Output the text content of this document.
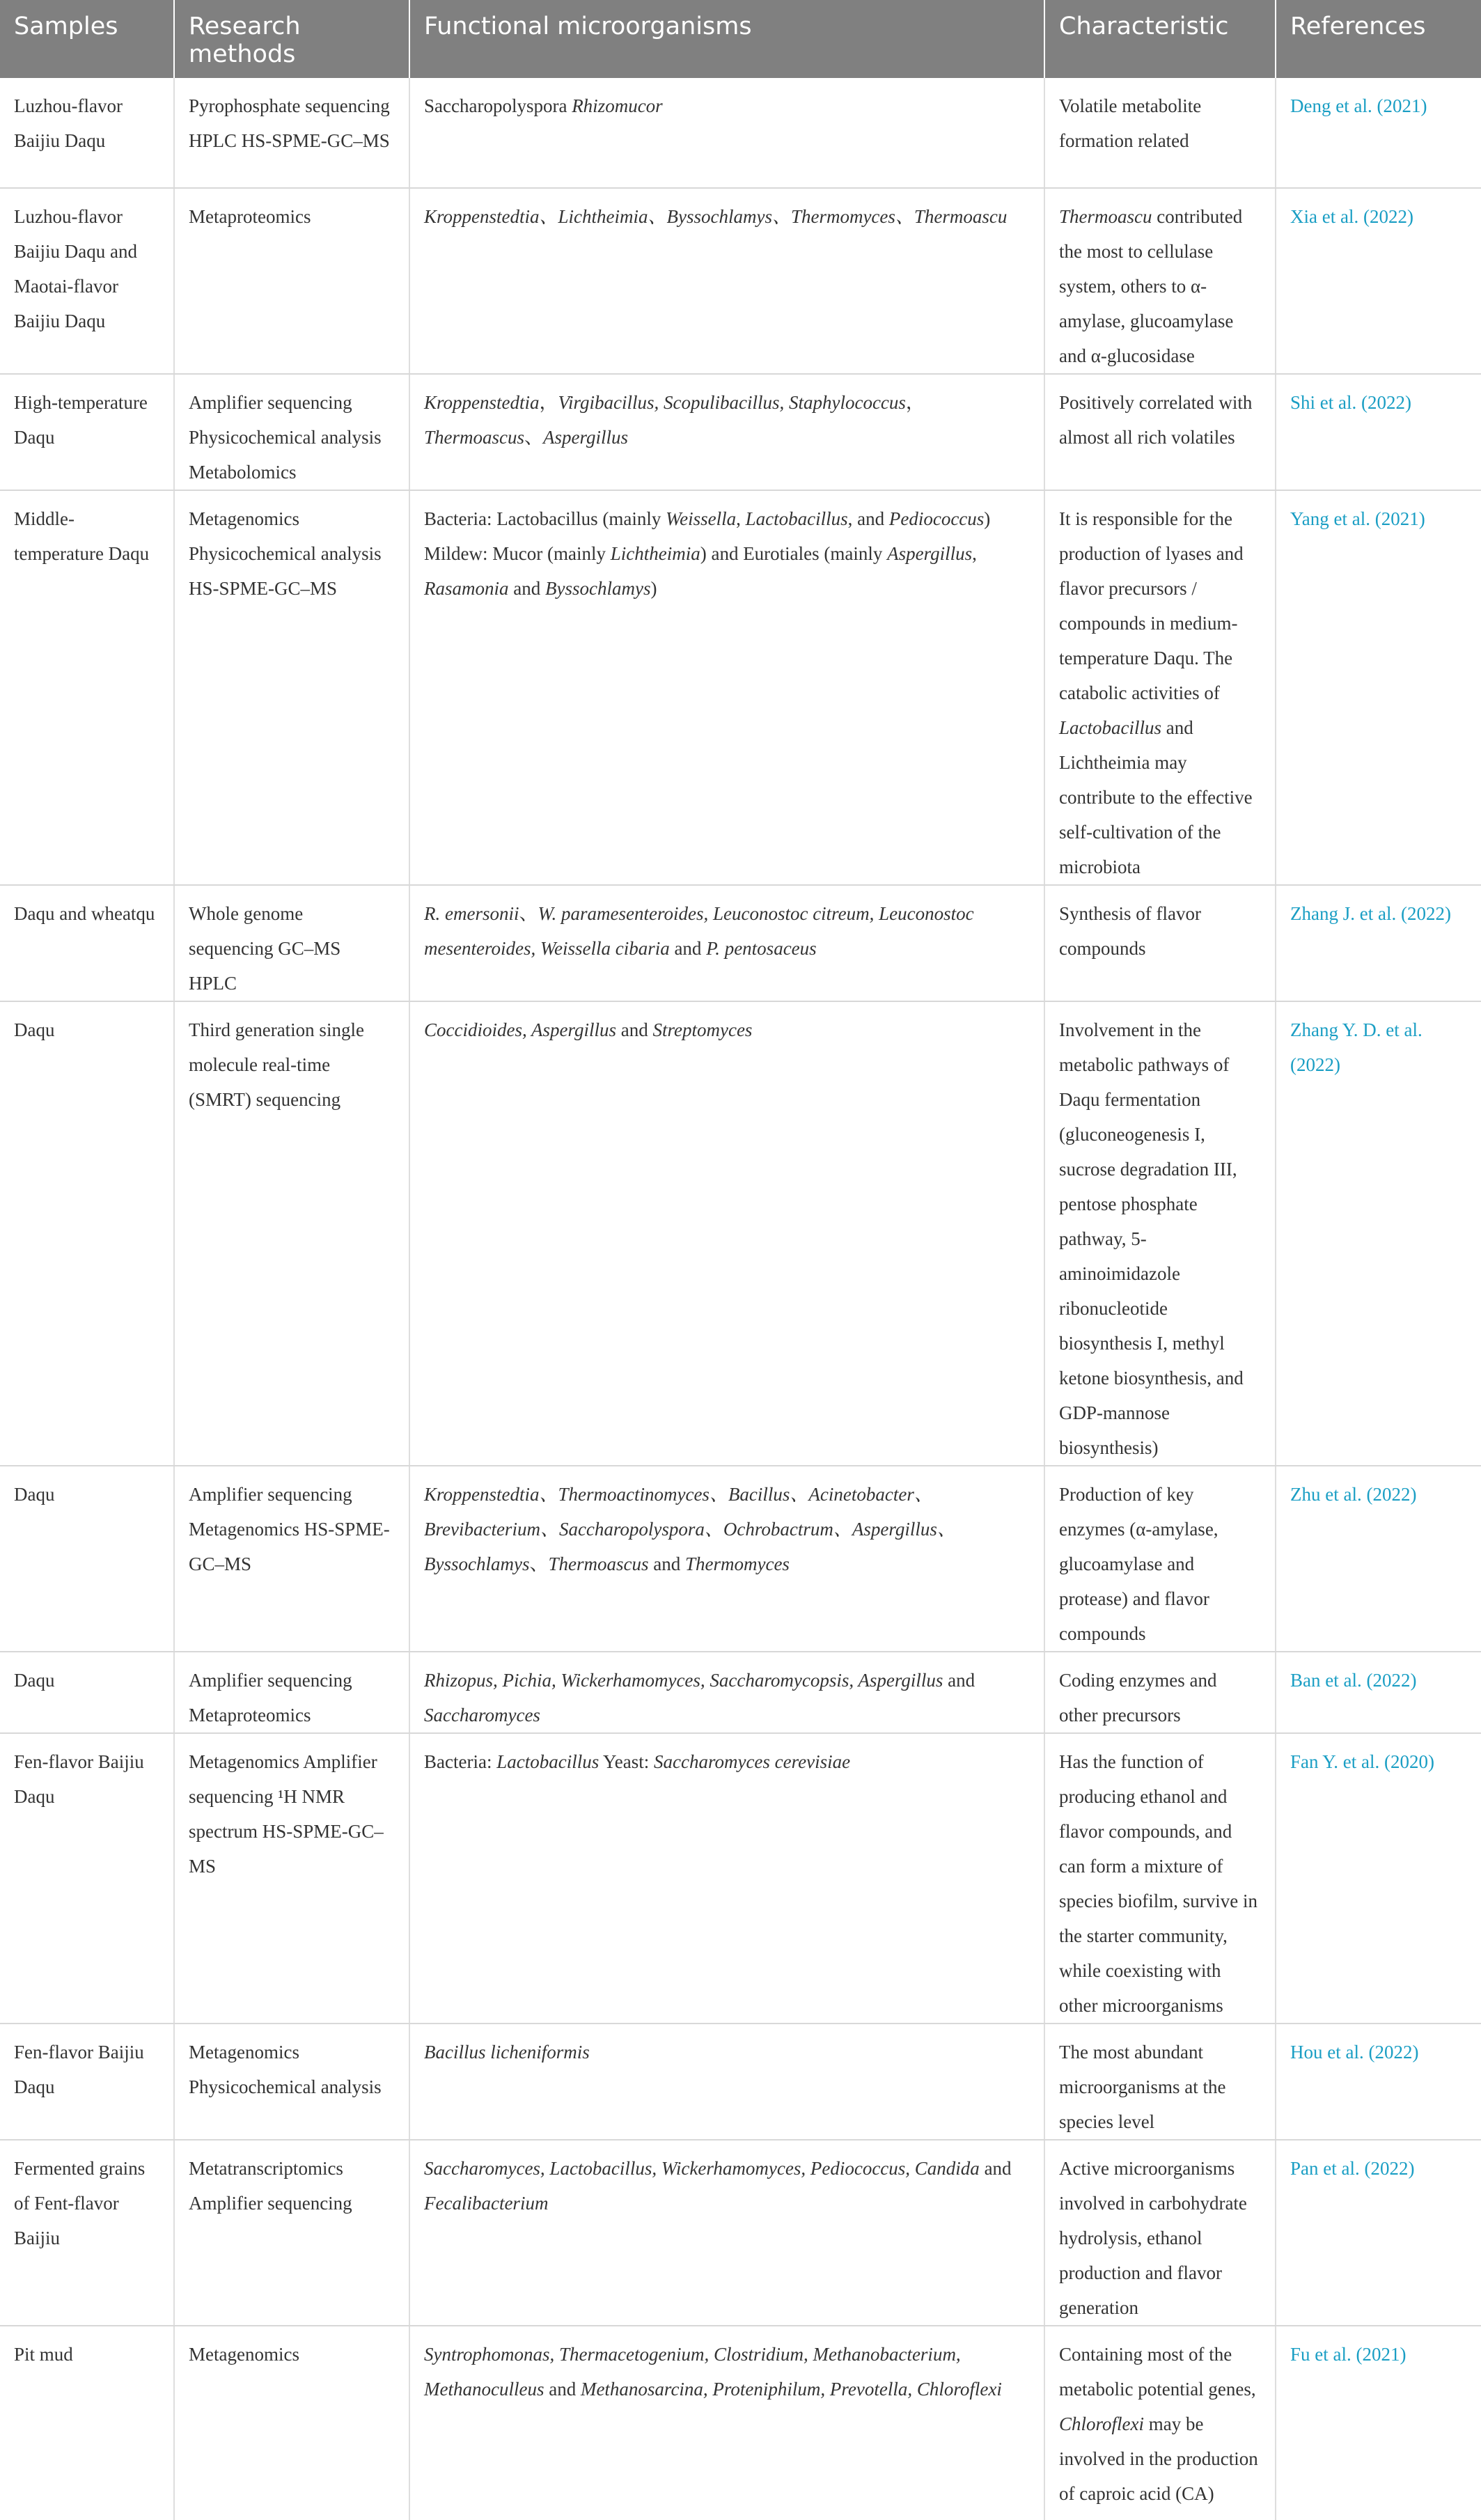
Samples	Research methods	Functional microorganisms	Characteristic	References
Luzhou-flavor Baijiu Daqu	Pyrophosphate sequencing HPLC HS-SPME-GC–MS	Saccharopolyspora Rhizomucor	Volatile metabolite formation related	Deng et al. (2021)
Luzhou-flavor Baijiu Daqu and Maotai-flavor Baijiu Daqu	Metaproteomics	Kroppenstedtia、Lichtheimia、Byssochlamys、Thermomyces、Thermoascu	Thermoascu contributed the most to cellulase system, others to α-amylase, glucoamylase and α-glucosidase	Xia et al. (2022)
High-temperature Daqu	Amplifier sequencing Physicochemical analysis Metabolomics	Kroppenstedtia，Virgibacillus, Scopulibacillus, Staphylococcus，Thermoascus、Aspergillus	Positively correlated with almost all rich volatiles	Shi et al. (2022)
Middle-temperature Daqu	Metagenomics Physicochemical analysis HS-SPME-GC–MS	Bacteria: Lactobacillus (mainly Weissella, Lactobacillus, and Pediococcus) Mildew: Mucor (mainly Lichtheimia) and Eurotiales (mainly Aspergillus, Rasamonia and Byssochlamys)	It is responsible for the production of lyases and flavor precursors / compounds in medium-temperature Daqu. The catabolic activities of Lactobacillus and Lichtheimia may contribute to the effective self-cultivation of the microbiota	Yang et al. (2021)
Daqu and wheatqu	Whole genome sequencing GC–MS HPLC	R. emersonii、W. paramesenteroides, Leuconostoc citreum, Leuconostoc mesenteroides, Weissella cibaria and P. pentosaceus	Synthesis of flavor compounds	Zhang J. et al. (2022)
Daqu	Third generation single molecule real-time (SMRT) sequencing	Coccidioides, Aspergillus and Streptomyces	Involvement in the metabolic pathways of Daqu fermentation (gluconeogenesis I, sucrose degradation III, pentose phosphate pathway, 5-aminoimidazole ribonucleotide biosynthesis I, methyl ketone biosynthesis, and GDP-mannose biosynthesis)	Zhang Y. D. et al. (2022)
Daqu	Amplifier sequencing Metagenomics HS-SPME-GC–MS	Kroppenstedtia、Thermoactinomyces、Bacillus、Acinetobacter、Brevibacterium、Saccharopolyspora、Ochrobactrum、Aspergillus、Byssochlamys、Thermoascus and Thermomyces	Production of key enzymes (α-amylase, glucoamylase and protease) and flavor compounds	Zhu et al. (2022)
Daqu	Amplifier sequencing Metaproteomics	Rhizopus, Pichia, Wickerhamomyces, Saccharomycopsis, Aspergillus and Saccharomyces	Coding enzymes and other precursors	Ban et al. (2022)
Fen-flavor Baijiu Daqu	Metagenomics Amplifier sequencing ¹H NMR spectrum HS-SPME-GC–MS	Bacteria: Lactobacillus Yeast: Saccharomyces cerevisiae	Has the function of producing ethanol and flavor compounds, and can form a mixture of species biofilm, survive in the starter community, while coexisting with other microorganisms	Fan Y. et al. (2020)
Fen-flavor Baijiu Daqu	Metagenomics Physicochemical analysis	Bacillus licheniformis	The most abundant microorganisms at the species level	Hou et al. (2022)
Fermented grains of Fent-flavor Baijiu	Metatranscriptomics Amplifier sequencing	Saccharomyces, Lactobacillus, Wickerhamomyces, Pediococcus, Candida and Fecalibacterium	Active microorganisms involved in carbohydrate hydrolysis, ethanol production and flavor generation	Pan et al. (2022)
Pit mud	Metagenomics	Syntrophomonas, Thermacetogenium, Clostridium, Methanobacterium, Methanoculleus and Methanosarcina, Proteniphilum, Prevotella, Chloroflexi	Containing most of the metabolic potential genes, Chloroflexi may be involved in the production of caproic acid (CA)	Fu et al. (2021)
